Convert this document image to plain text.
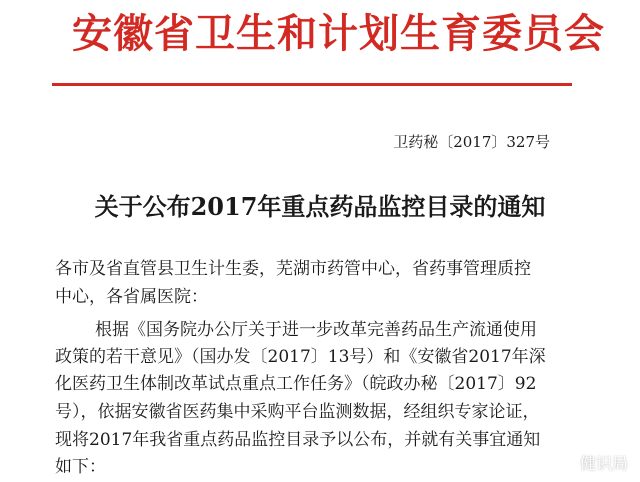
安徽省卫生和计划生育委员会
卫药秘〔2017〕327号
关于公布2017年重点药品监控目录的通知
各市及省直管县卫生计生委，芜湖市药管中心，省药事管理质控
中心，各省属医院：
根据《国务院办公厅关于进一步改革完善药品生产流通使用
政策的若干意见》（国办发〔2017〕13号）和《安徽省2017年深
化医药卫生体制改革试点重点工作任务》（皖政办秘〔2017〕92
号），依据安徽省医药集中采购平台监测数据，经组织专家论证，
现将2017年我省重点药品监控目录予以公布，并就有关事宜通知
如下：	健识局
